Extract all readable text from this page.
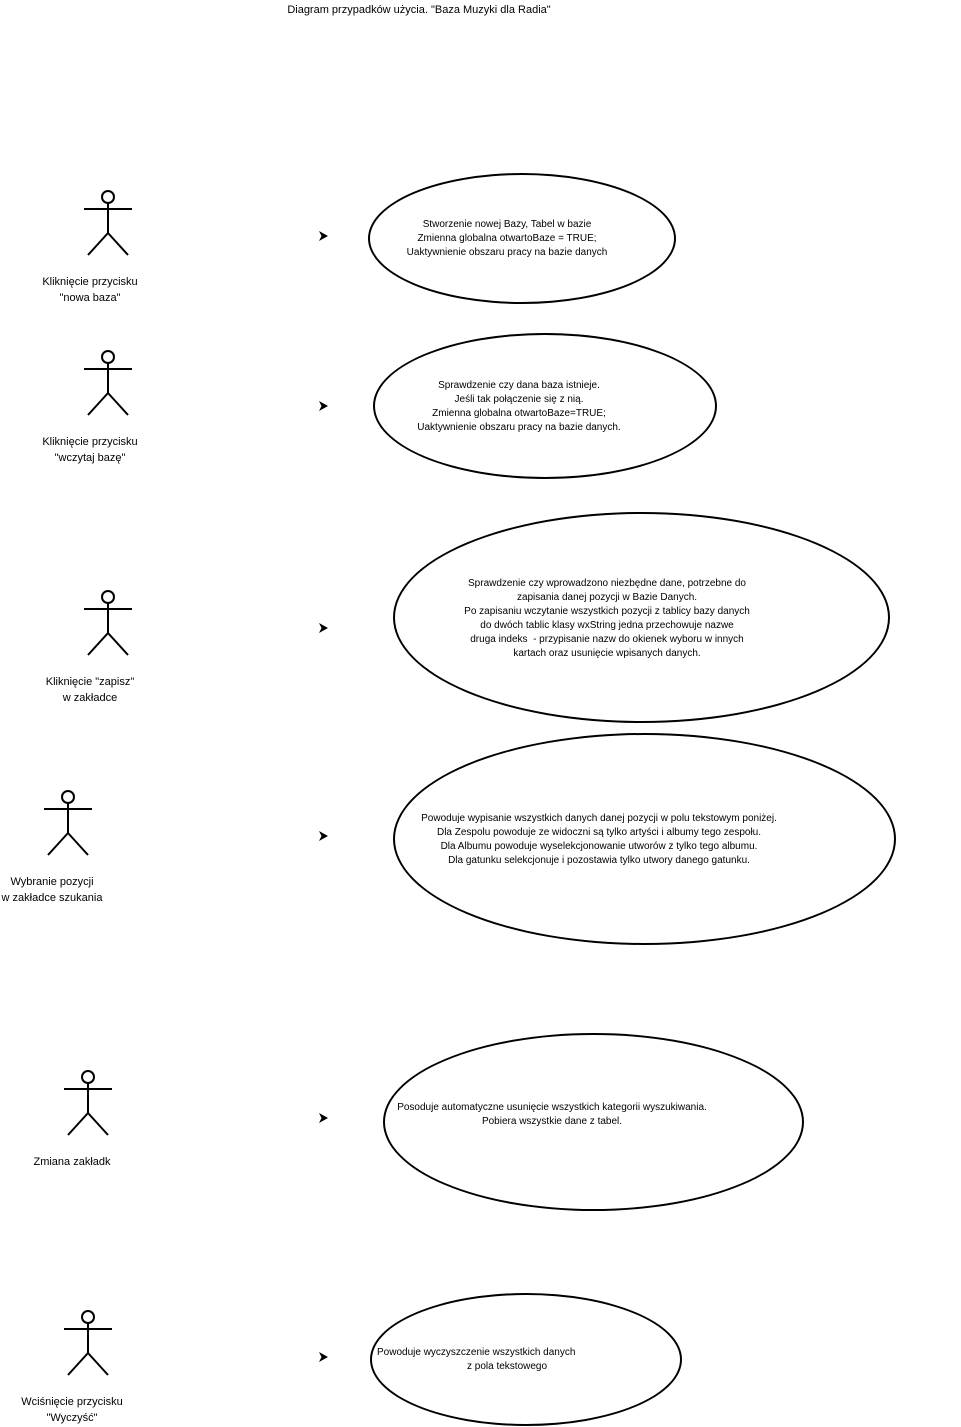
Diagram przypadków użycia. "Baza Muzyki dla Radia"
Kliknięcie przycisku
"nowa baza"
Stworzenie nowej Bazy, Tabel w bazie
Zmienna globalna otwartoBaze = TRUE;
Uaktywnienie obszaru pracy na bazie danych
Kliknięcie przycisku
"wczytaj bazę"
Sprawdzenie czy dana baza istnieje.
Jeśli tak połączenie się z nią.
Zmienna globalna otwartoBaze=TRUE;
Uaktywnienie obszaru pracy na bazie danych.
Kliknięcie "zapisz"
w zakładce
Sprawdzenie czy wprowadzono niezbędne dane, potrzebne do
zapisania danej pozycji w Bazie Danych.
Po zapisaniu wczytanie wszystkich pozycji z tablicy bazy danych
do dwóch tablic klasy wxString jedna przechowuje nazwe
druga indeks  - przypisanie nazw do okienek wyboru w innych
kartach oraz usunięcie wpisanych danych.
Wybranie pozycji
w zakładce szukania
Powoduje wypisanie wszystkich danych danej pozycji w polu tekstowym poniżej.
Dla Zespolu powoduje ze widoczni są tylko artyści i albumy tego zespołu.
Dla Albumu powoduje wyselekcjonowanie utworów z tylko tego albumu.
Dla gatunku selekcjonuje i pozostawia tylko utwory danego gatunku.
Zmiana zakładk
Posoduje automatyczne usunięcie wszystkich kategorii wyszukiwania.
Pobiera wszystkie dane z tabel.
Wciśnięcie przycisku
"Wyczyść"
Powoduje wyczyszczenie wszystkich danych
z pola tekstowego
